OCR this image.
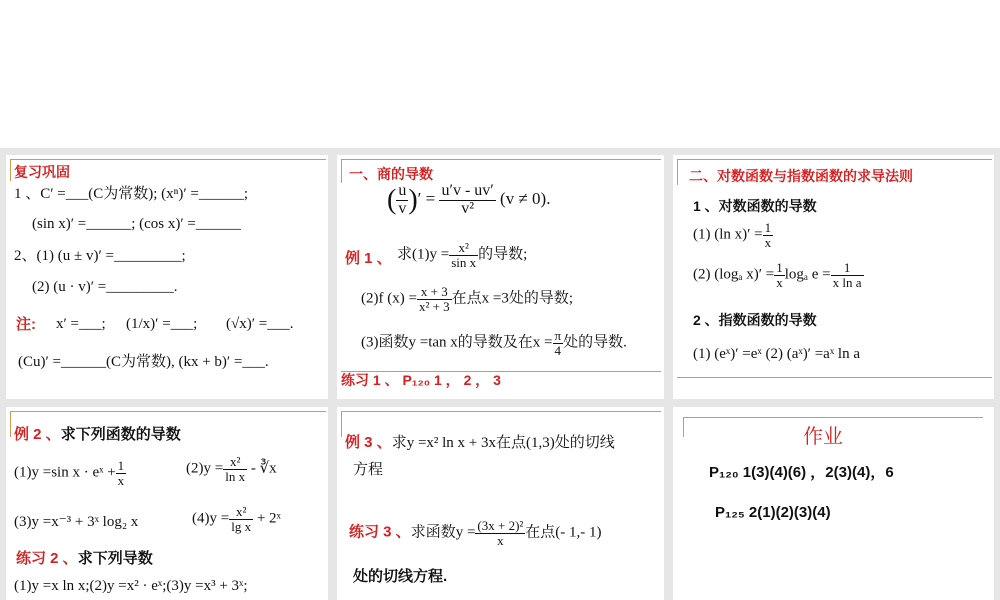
复习巩固
1 、C′ =___(C为常数); (xⁿ)′ =______;
(sin x)′ =______; (cos x)′ =______
2、(1) (u ± v)′ =_________;
(2) (u · v)′ =_________.
注: x′ =___; (1/x)′ =___; (√x)′ =___.
(Cu)′ =______(C为常数), (kx + b)′ =___.
一、商的导数
( $\frac{u}{v}$ )′ = $\frac{u'v - uv'}{\text{v²}} (v \ne 0)$.
例 1 、 求$(1)y = \frac{\text{x²}}{\text{sin x}}$ 的导数;
(2)f $(x) = \frac{x + 3}{\text{x² + 3}}$ 在点x =3处的导数;
(3)函数y =tan x的导数及在$x = \frac{\pi}{4}$ 处的导数.
练习 1 、 P₁₂₀ 1 ， 2 ， 3
二、对数函数与指数函数的求导法则
1 、对数函数的导数
(1) (ln $x)' = \frac{1}{x}$
(2) (logₐ $x)' = \frac{1}{x}$ logₐ $e = \frac{1}{\text{x ln a}}$
2 、指数函数的导数
(1) (eˣ)′ =eˣ (2) (aˣ)′ =aˣ ln a
例 2 、求下列函数的导数
(1)y =sin x · eˣ + $\frac{1}{x}$	$(2)y = \frac{\text{x²}}{\text{ln x}}$ - ∛x
(3)y =x⁻³ + 3ˣ log₂ x	$(4)y = \frac{\text{x²}}{\text{lg x}}$ + 2ˣ
练习 2 、求下列导数
(1)y =x ln x;(2)y =x² · eˣ;(3)y =x³ + 3ˣ;
例 3 、求y =x² ln x + 3x在点(1,3)处的切线
方程
练习 3 、求函数$y = \frac{\text{(3x + 2)²}}{x}$ 在点(- 1,- 1)
处的切线方程.
作业
P₁₂₀ 1(3)(4)(6) ，2(3)(4)，6
P₁₂₅ 2(1)(2)(3)(4)
